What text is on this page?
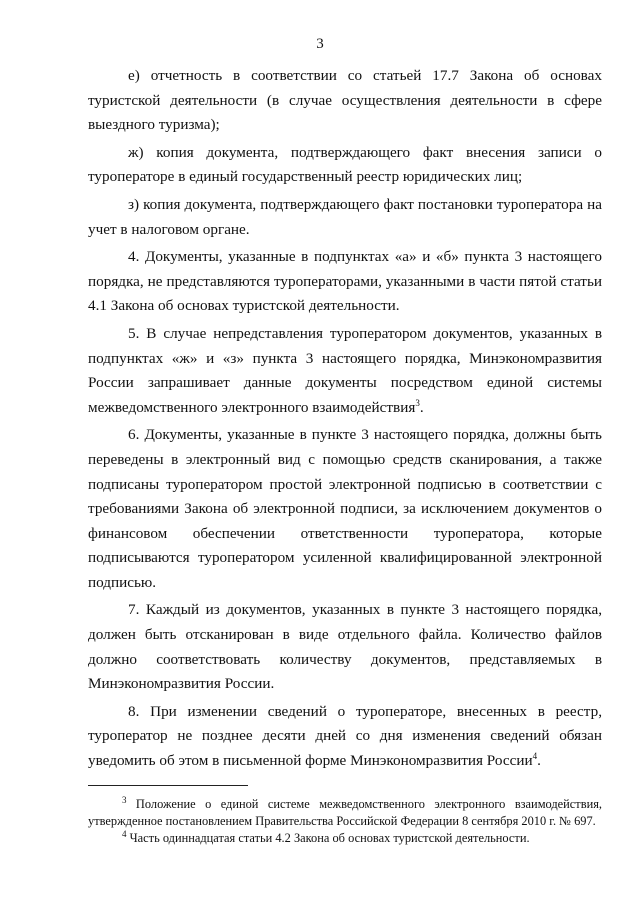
3

е) отчетность в соответствии со статьей 17.7 Закона об основах туристской деятельности (в случае осуществления деятельности в сфере выездного туризма);

ж) копия документа, подтверждающего факт внесения записи о туроператоре в единый государственный реестр юридических лиц;

з) копия документа, подтверждающего факт постановки туроператора на учет в налоговом органе.

4. Документы, указанные в подпунктах «а» и «б» пункта 3 настоящего порядка, не представляются туроператорами, указанными в части пятой статьи 4.1 Закона об основах туристской деятельности.

5. В случае непредставления туроператором документов, указанных в подпунктах «ж» и «з» пункта 3 настоящего порядка, Минэкономразвития России запрашивает данные документы посредством единой системы межведомственного электронного взаимодействия$^3$.

6. Документы, указанные в пункте 3 настоящего порядка, должны быть переведены в электронный вид с помощью средств сканирования, а также подписаны туроператором простой электронной подписью в соответствии с требованиями Закона об электронной подписи, за исключением документов о финансовом обеспечении ответственности туроператора, которые подписываются туроператором усиленной квалифицированной электронной подписью.

7. Каждый из документов, указанных в пункте 3 настоящего порядка, должен быть отсканирован в виде отдельного файла. Количество файлов должно соответствовать количеству документов, представляемых в Минэкономразвития России.

8. При изменении сведений о туроператоре, внесенных в реестр, туроператор не позднее десяти дней со дня изменения сведений обязан уведомить об этом в письменной форме Минэкономразвития России$^4$.

$^3$ Положение о единой системе межведомственного электронного взаимодействия, утвержденное постановлением Правительства Российской Федерации 8 сентября 2010 г. № 697.

$^4$ Часть одиннадцатая статьи 4.2 Закона об основах туристской деятельности.
